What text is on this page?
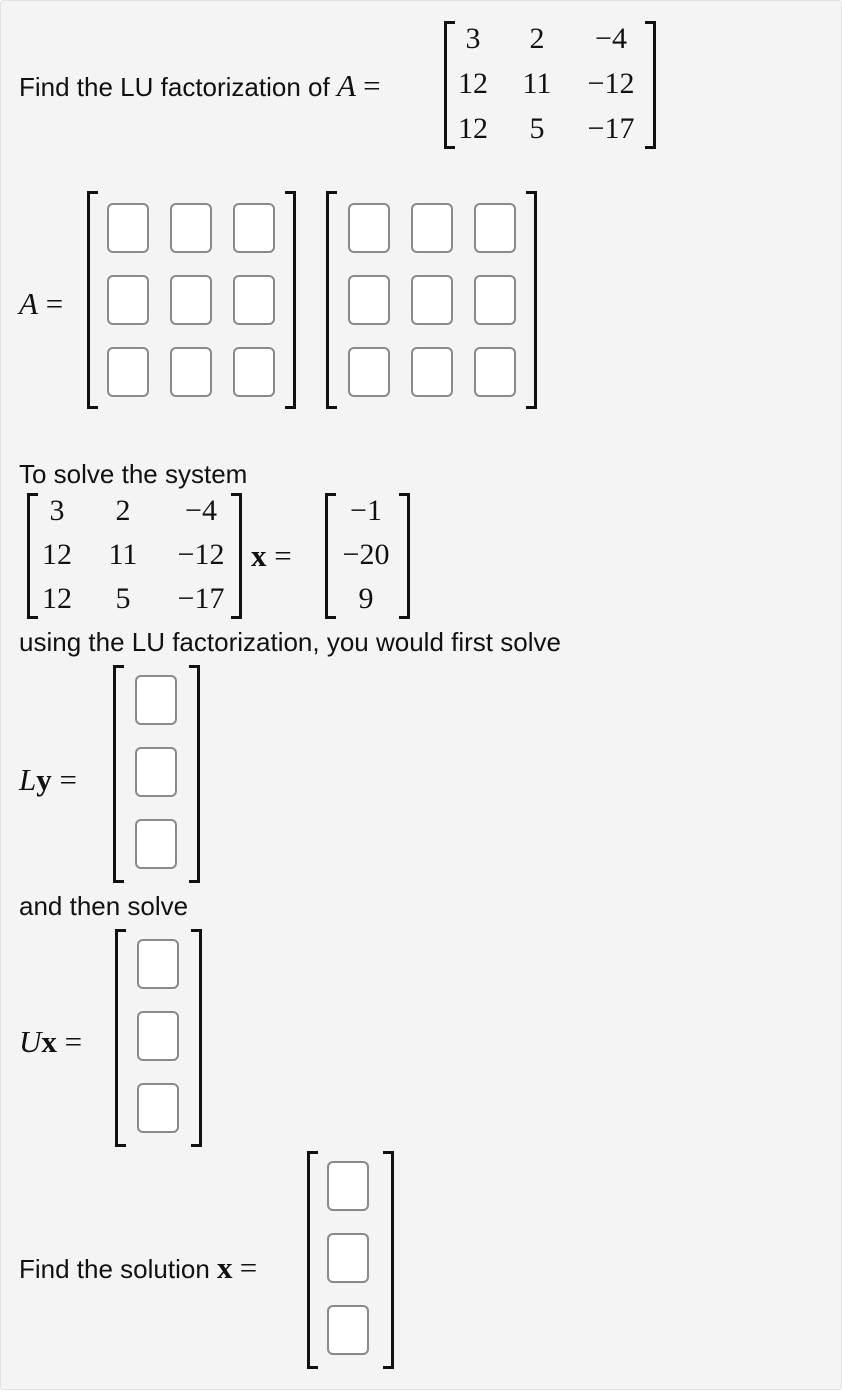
Find the LU factorization of A =
3	2	−4
12 11 −12
12	5	−17
A =
To solve the system
3	2	−4
12 11 −12
12	5	−17
x =
−1
−20
9
using the LU factorization, you would first solve
Ly =
and then solve
Ux =
Find the solution x =
